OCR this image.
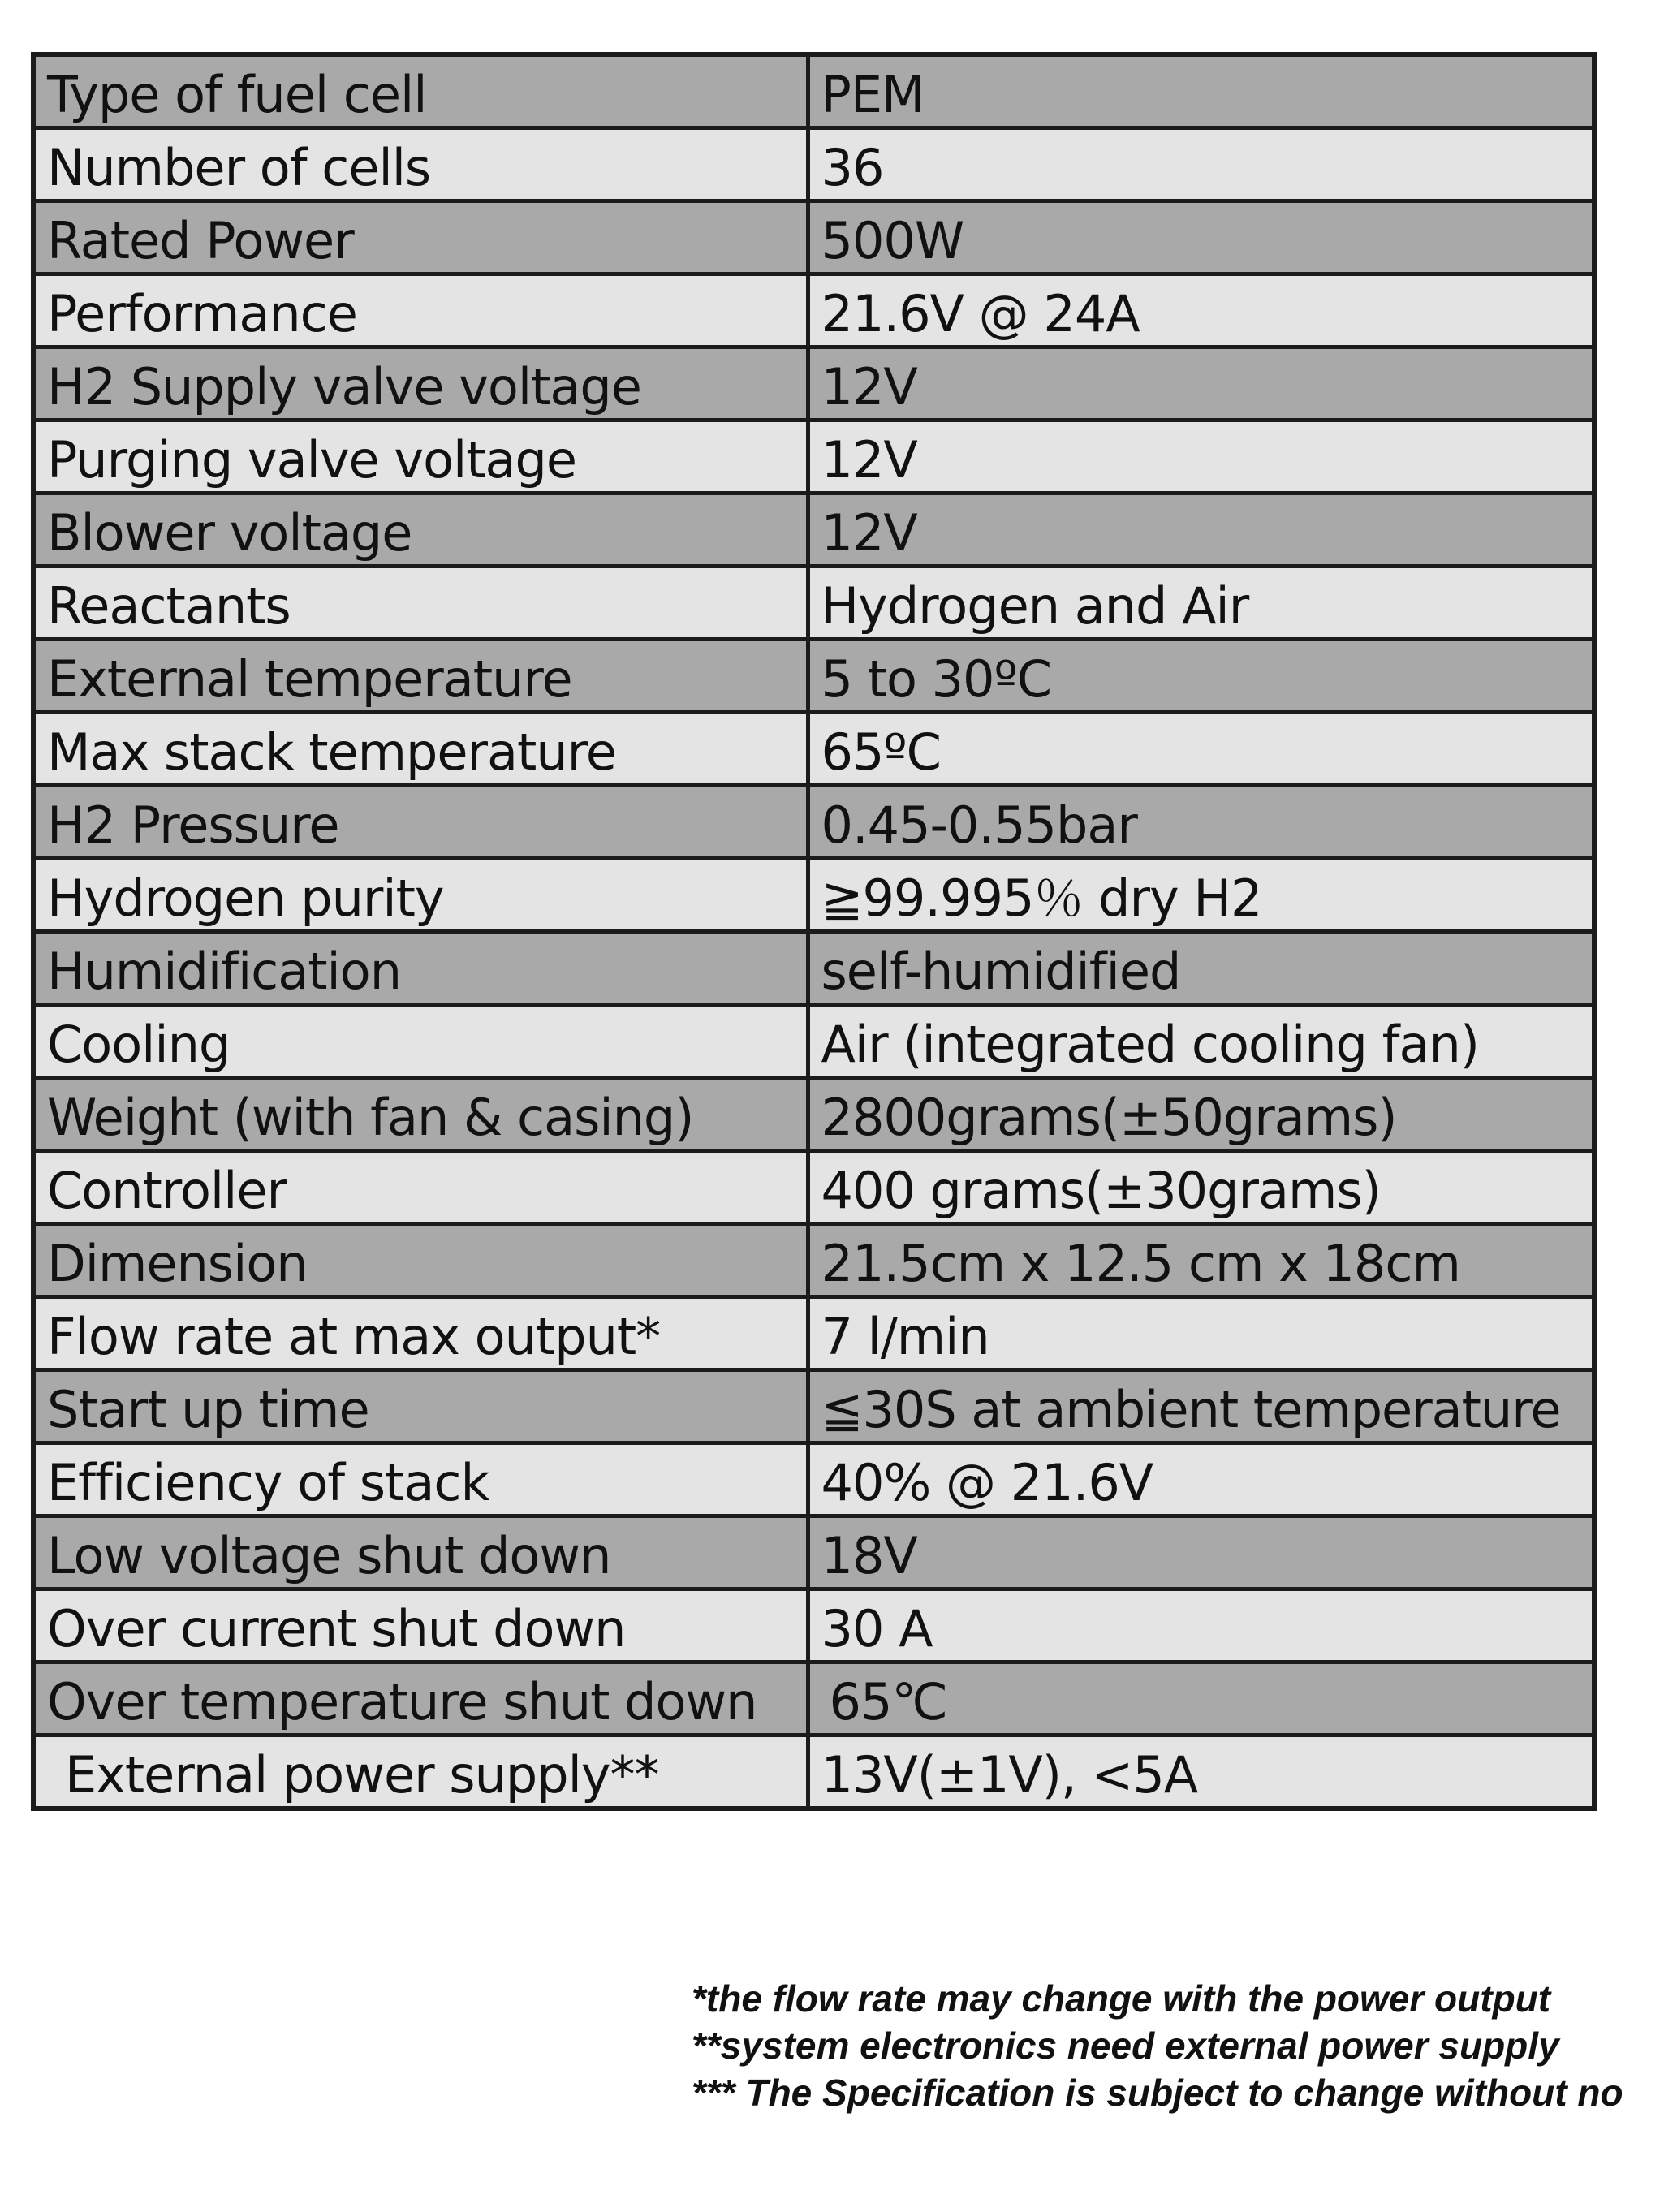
Type of fuel cell	PEM
Number of cells	36
Rated Power	500W
Performance	21.6V @ 24A
H2 Supply valve voltage	12V
Purging valve voltage	12V
Blower voltage	12V
Reactants	Hydrogen and Air
External temperature	5 to 30ºC
Max stack temperature	65ºC
H2 Pressure	0.45-0.55bar
Hydrogen purity	≧99.995％ dry H2
Humidification	self-humidified
Cooling	Air (integrated cooling fan)
Weight (with fan & casing)	2800grams(±50grams)
Controller	400 grams(±30grams)
Dimension	21.5cm x 12.5 cm x 18cm
Flow rate at max output*	7 l/min
Start up time	≦30S at ambient temperature
Efficiency of stack	40% @ 21.6V
Low voltage shut down	18V
Over current shut down	30 A
Over temperature shut down	65℃
External power supply**	13V(±1V), <5A
*the flow rate may change with the power output
**system electronics need external power supply
*** The Specification is subject to change without no
